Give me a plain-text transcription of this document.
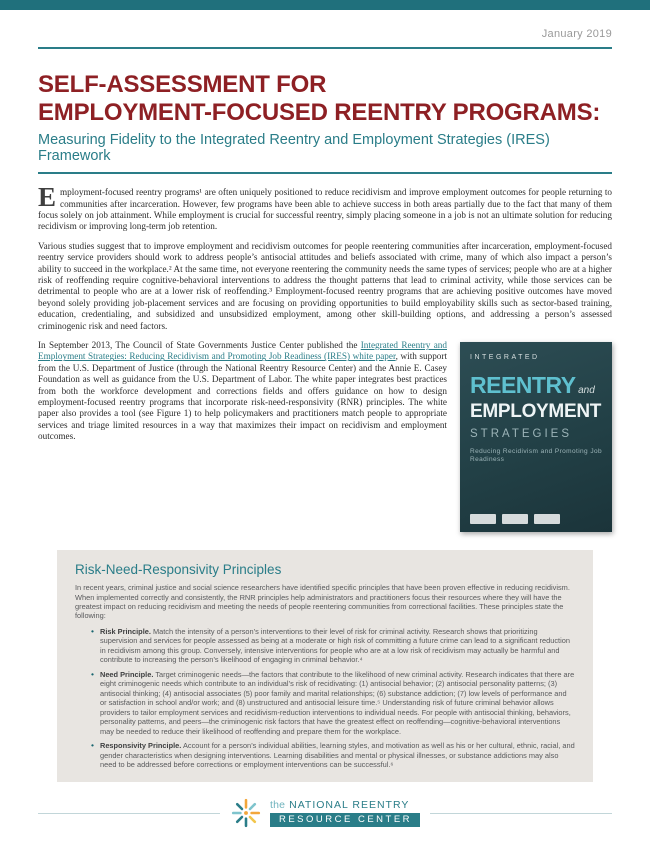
January 2019
SELF-ASSESSMENT FOR
EMPLOYMENT-FOCUSED REENTRY PROGRAMS:
Measuring Fidelity to the Integrated Reentry and Employment Strategies (IRES) Framework

Employment-focused reentry programs¹ are often uniquely positioned to reduce recidivism and improve employment outcomes for people returning to communities after incarceration. However, few programs have been able to achieve success in both areas partially due to the fact that many of them focus solely on job attainment. While employment is crucial for successful reentry, simply placing someone in a job is not an ultimate solution for reducing recidivism or improving long-term job retention.

Various studies suggest that to improve employment and recidivism outcomes for people reentering communities after incarceration, employment-focused reentry service providers should work to address people’s antisocial attitudes and beliefs associated with crime, many of which also impact a person’s ability to succeed in the workplace.² At the same time, not everyone reentering the community needs the same types of services; people who are at a higher risk of reoffending require cognitive-behavioral interventions to address the thought patterns that lead to criminal activity, while those services can be detrimental to people who are at a lower risk of reoffending.³ Employment-focused reentry programs that are achieving positive outcomes have moved beyond solely providing job-placement services and are focusing on providing opportunities to build employability skills such as sector-based training, education, credentialing, and subsidized and unsubsidized employment, among other skill-building options, and addressing a person’s assessed criminogenic risk and need factors.

INTEGRATED
REENTRY and
EMPLOYMENT
STRATEGIES
Reducing Recidivism and Promoting Job Readiness
In September 2013, The Council of State Governments Justice Center published the Integrated Reentry and Employment Strategies: Reducing Recidivism and Promoting Job Readiness (IRES) white paper, with support from the U.S. Department of Justice (through the National Reentry Resource Center) and the Annie E. Casey Foundation as well as guidance from the U.S. Department of Labor. The white paper integrates best practices from both the workforce development and corrections fields and offers guidance on how to design employment-focused reentry programs that incorporate risk-need-responsivity (RNR) principles. The white paper also provides a tool (see Figure 1) to help policymakers and practitioners match people to appropriate services and triage limited resources in a way that maximizes their impact on recidivism and employment outcomes.
Risk-Need-Responsivity Principles

In recent years, criminal justice and social science researchers have identified specific principles that have been proven effective in reducing recidivism. When implemented correctly and consistently, the RNR principles help administrators and practitioners focus their resources where they will have the greatest impact on reducing recidivism and meeting the needs of people reentering communities from correctional facilities. These principles state the following:

• Risk Principle. Match the intensity of a person’s interventions to their level of risk for criminal activity. Research shows that prioritizing supervision and services for people assessed as being at a moderate or high risk of committing a future crime can lead to a significant reduction in recidivism among this group. Conversely, intensive interventions for people who are at a low risk of recidivism may actually be harmful and contribute to increasing the person’s likelihood of engaging in criminal behavior.⁴

• Need Principle. Target criminogenic needs—the factors that contribute to the likelihood of new criminal activity. Research indicates that there are eight criminogenic needs which contribute to an individual’s risk of recidivating: (1) antisocial behavior; (2) antisocial personality patterns; (3) antisocial thinking; (4) antisocial associates (5) poor family and marital relationships; (6) substance addiction; (7) low levels of performance and or satisfaction in school and/or work; and (8) unstructured and antisocial leisure time.⁵ Understanding risk of future criminal behavior allows providers to tailor employment services and recidivism-reduction interventions to individual needs. For people with antisocial thinking, behaviors, personality patterns, and peers—the criminogenic risk factors that have the greatest effect on reoffending—cognitive-behavioral interventions may be needed to reduce their likelihood of reoffending and prepare them for the workplace.

• Responsivity Principle. Account for a person’s individual abilities, learning styles, and motivation as well as his or her cultural, ethnic, racial, and gender characteristics when designing interventions. Learning disabilities and mental or physical illnesses, or substance addictions may also need to be addressed before corrections or employment interventions can be successful.⁶

the NATIONAL REENTRY
RESOURCE CENTER
